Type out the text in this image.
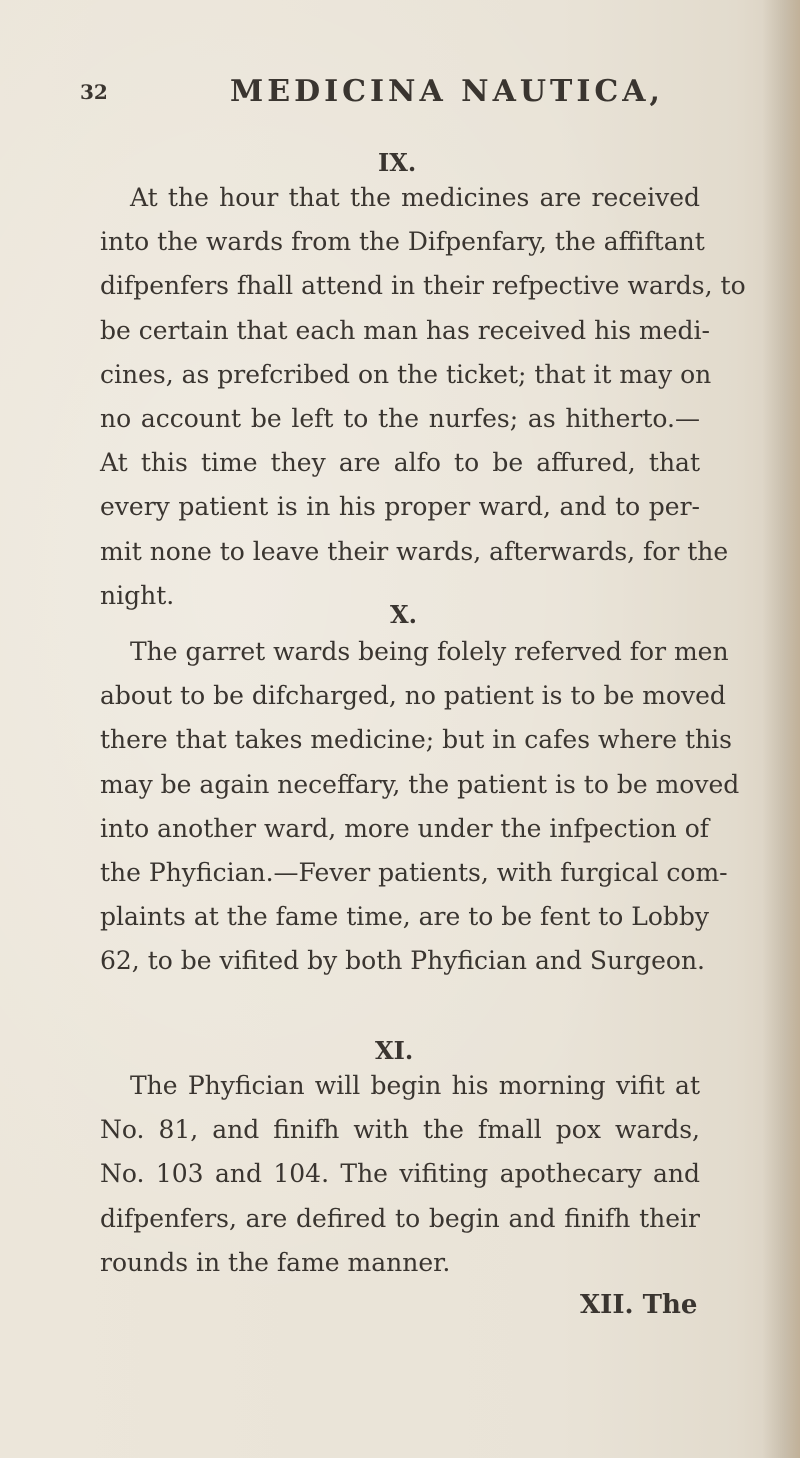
32	MEDICINA NAUTICA,
IX.
At the hour that the medicines are received
into the wards from the Difpenfary, the affiftant
difpenfers fhall attend in their refpective wards, to
be certain that each man has received his medi-
cines, as prefcribed on the ticket; that it may on
no account be left to the nurfes; as hitherto.—
At this time they are alfo to be affured, that
every patient is in his proper ward, and to per-
mit none to leave their wards, afterwards, for the
night.
X.
The garret wards being folely referved for men
about to be difcharged, no patient is to be moved
there that takes medicine; but in cafes where this
may be again neceffary, the patient is to be moved
into another ward, more under the infpection of
the Phyfician.—Fever patients, with furgical com-
plaints at the fame time, are to be fent to Lobby
62, to be vifited by both Phyfician and Surgeon.
XI.
The Phyfician will begin his morning vifit at
No. 81, and finifh with the fmall pox wards,
No. 103 and 104. The vifiting apothecary and
difpenfers, are defired to begin and finifh their
rounds in the fame manner.
XII. The
